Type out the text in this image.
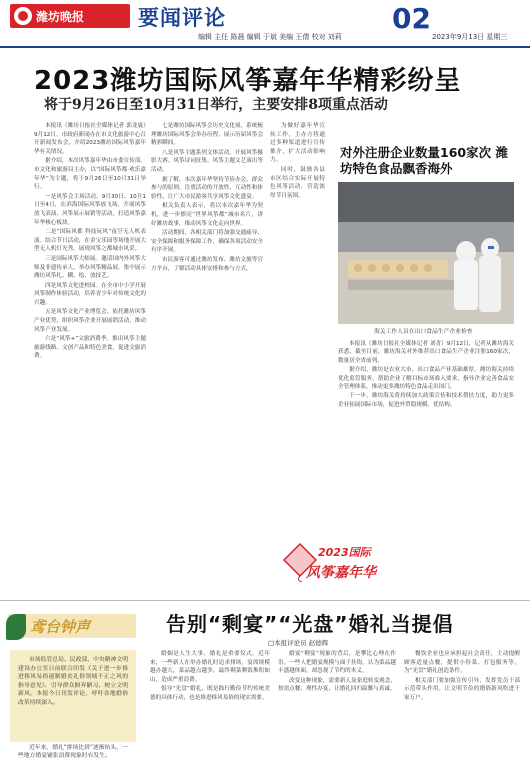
潍坊晚报	要闻评论	02
编辑 主任 陈晨 编辑 于斌 美编 王倩 校对 刘莉	2023年9月13日 星期三
2023潍坊国际风筝嘉年华精彩纷呈
将于9月26日至10月31日举行，主要安排8项重点活动

本报讯（潍坊日报社全媒体记者 郭龙寰）9月12日，市政府新闻办在市文化旅游中心召开新闻发布会，介绍2023潍坊国际风筝嘉年华有关情况。

据介绍，本次风筝嘉年华由市委宣传部、市文化和旅游局主办，以“国际风筝都·欢乐嘉年华”为主题，将于9月26日至10月31日举行。

一是风筝会主场活动。9月30日、10月1日至4日，在滨海国际风筝放飞场，开展风筝放飞表演、风筝展示展销等活动，打造风筝嘉年华核心板块。

二是“国际风都 科技玩风”夜空无人机表演。结合节日活动，在金宝乐园等场地开展大型无人机灯光秀，展现风筝之都城市风采。

三是国际风筝大师展。邀请国内外风筝大师及非遗传承人，举办风筝精品展，集中展示潍坊风筝扎、糊、绘、放技艺。

四是风筝文化进校园。在全市中小学开展风筝制作体验活动，培养青少年对传统文化的兴趣。

五是风筝文化产业博览会。依托潍坊风筝产业优势，组织风筝企业开展展销活动，推动风筝产业发展。

六是“风筝+”文旅消费季。推出风筝主题旅游线路、文创产品和特色美食，促进文旅消费。

七是潍坊国际风筝会历史文化展。系统梳理潍坊国际风筝会举办历程，展示历届风筝会精彩瞬间。

八是风筝主题系列文体活动。开展风筝摄影大赛、风筝诗词征集、风筝主题文艺演出等活动。

据了解，本次嘉年华坚持节俭办会、群众参与的原则，注重活动的开放性、互动性和体验性，让广大市民游客共享风筝文化盛宴。

相关负责人表示，将以本次嘉年华为契机，进一步擦亮“世界风筝都”城市名片，讲好潍坊故事，推动风筝文化走向世界。

活动期间，各相关部门将加强交通疏导、安全保障和服务保障工作，确保各项活动安全有序开展。

市民游客可通过潍坊发布、潍坊文旅等官方平台，了解活动具体安排和参与方式。

为做好嘉年华宣传工作，主办方将通过多种渠道进行宣传推介，扩大活动影响力。

同时，鼓励各县市区结合实际开展特色风筝活动，营造浓厚节日氛围。

对外注册企业数量160家次 潍坊特色食品飘香海外
海关工作人员在出口食品生产企业检查

本报讯（潍坊日报社全媒体记者 刘青）9月12日，记者从潍坊海关获悉，截至目前，潍坊海关对外推荐出口食品生产企业注册160家次，数量居全省前列。

据介绍，潍坊是农业大市，出口食品产业基础雄厚。潍坊海关持续优化监管服务，帮助企业了解目标市场准入要求，指导企业完善食品安全管理体系，推动更多潍坊特色食品走出国门。

下一步，潍坊海关将持续加大政策宣传和技术帮扶力度，助力更多企业拓展国际市场，促进外贸稳规模、优结构。

2023国际
风筝嘉年华
鸢台钟声

市场监管总局、民政部、中央精神文明建设办公室日前联合印发《关于进一步推进移风易俗遏制婚丧礼俗领域不正之风的指导意见》，引导群众摒弃陋习、树立文明新风。本报今日刊发评论，呼吁各地婚俗改革持续深入。

近年来，婚礼“排场比拼”逐渐抬头，一些地方婚宴铺张浪费现象时有发生。
告别“剩宴”“光盘”婚礼当提倡
□本报评论员 赵德辉

婚姻是人生大事，婚礼是重要仪式。近年来，一些新人在举办婚礼时追求排场，宴席规模越办越大，菜品越点越多，最终剩菜剩饭堆积如山，造成严重浪费。

倡导“光盘”婚礼，既是践行勤俭节约传统美德的具体行动，也是推进移风易俗的现实需要。

婚宴“剩宴”现象的背后，是攀比心理在作祟。一些人把婚宴规模与面子挂钩，认为菜品越丰盛越体面，却忽视了节约的本义。

改变这种现象，需要新人及家庭转变观念，按需点餐、理性办宴，让婚礼回归温馨与真诚。

餐饮企业也应承担起社会责任，主动提醒顾客适量点餐，提供小份菜、打包服务等，为“光盘”婚礼创造条件。

相关部门要加强宣传引导，发挥党员干部示范带头作用，让文明节俭的婚俗新风吹进千家万户。
